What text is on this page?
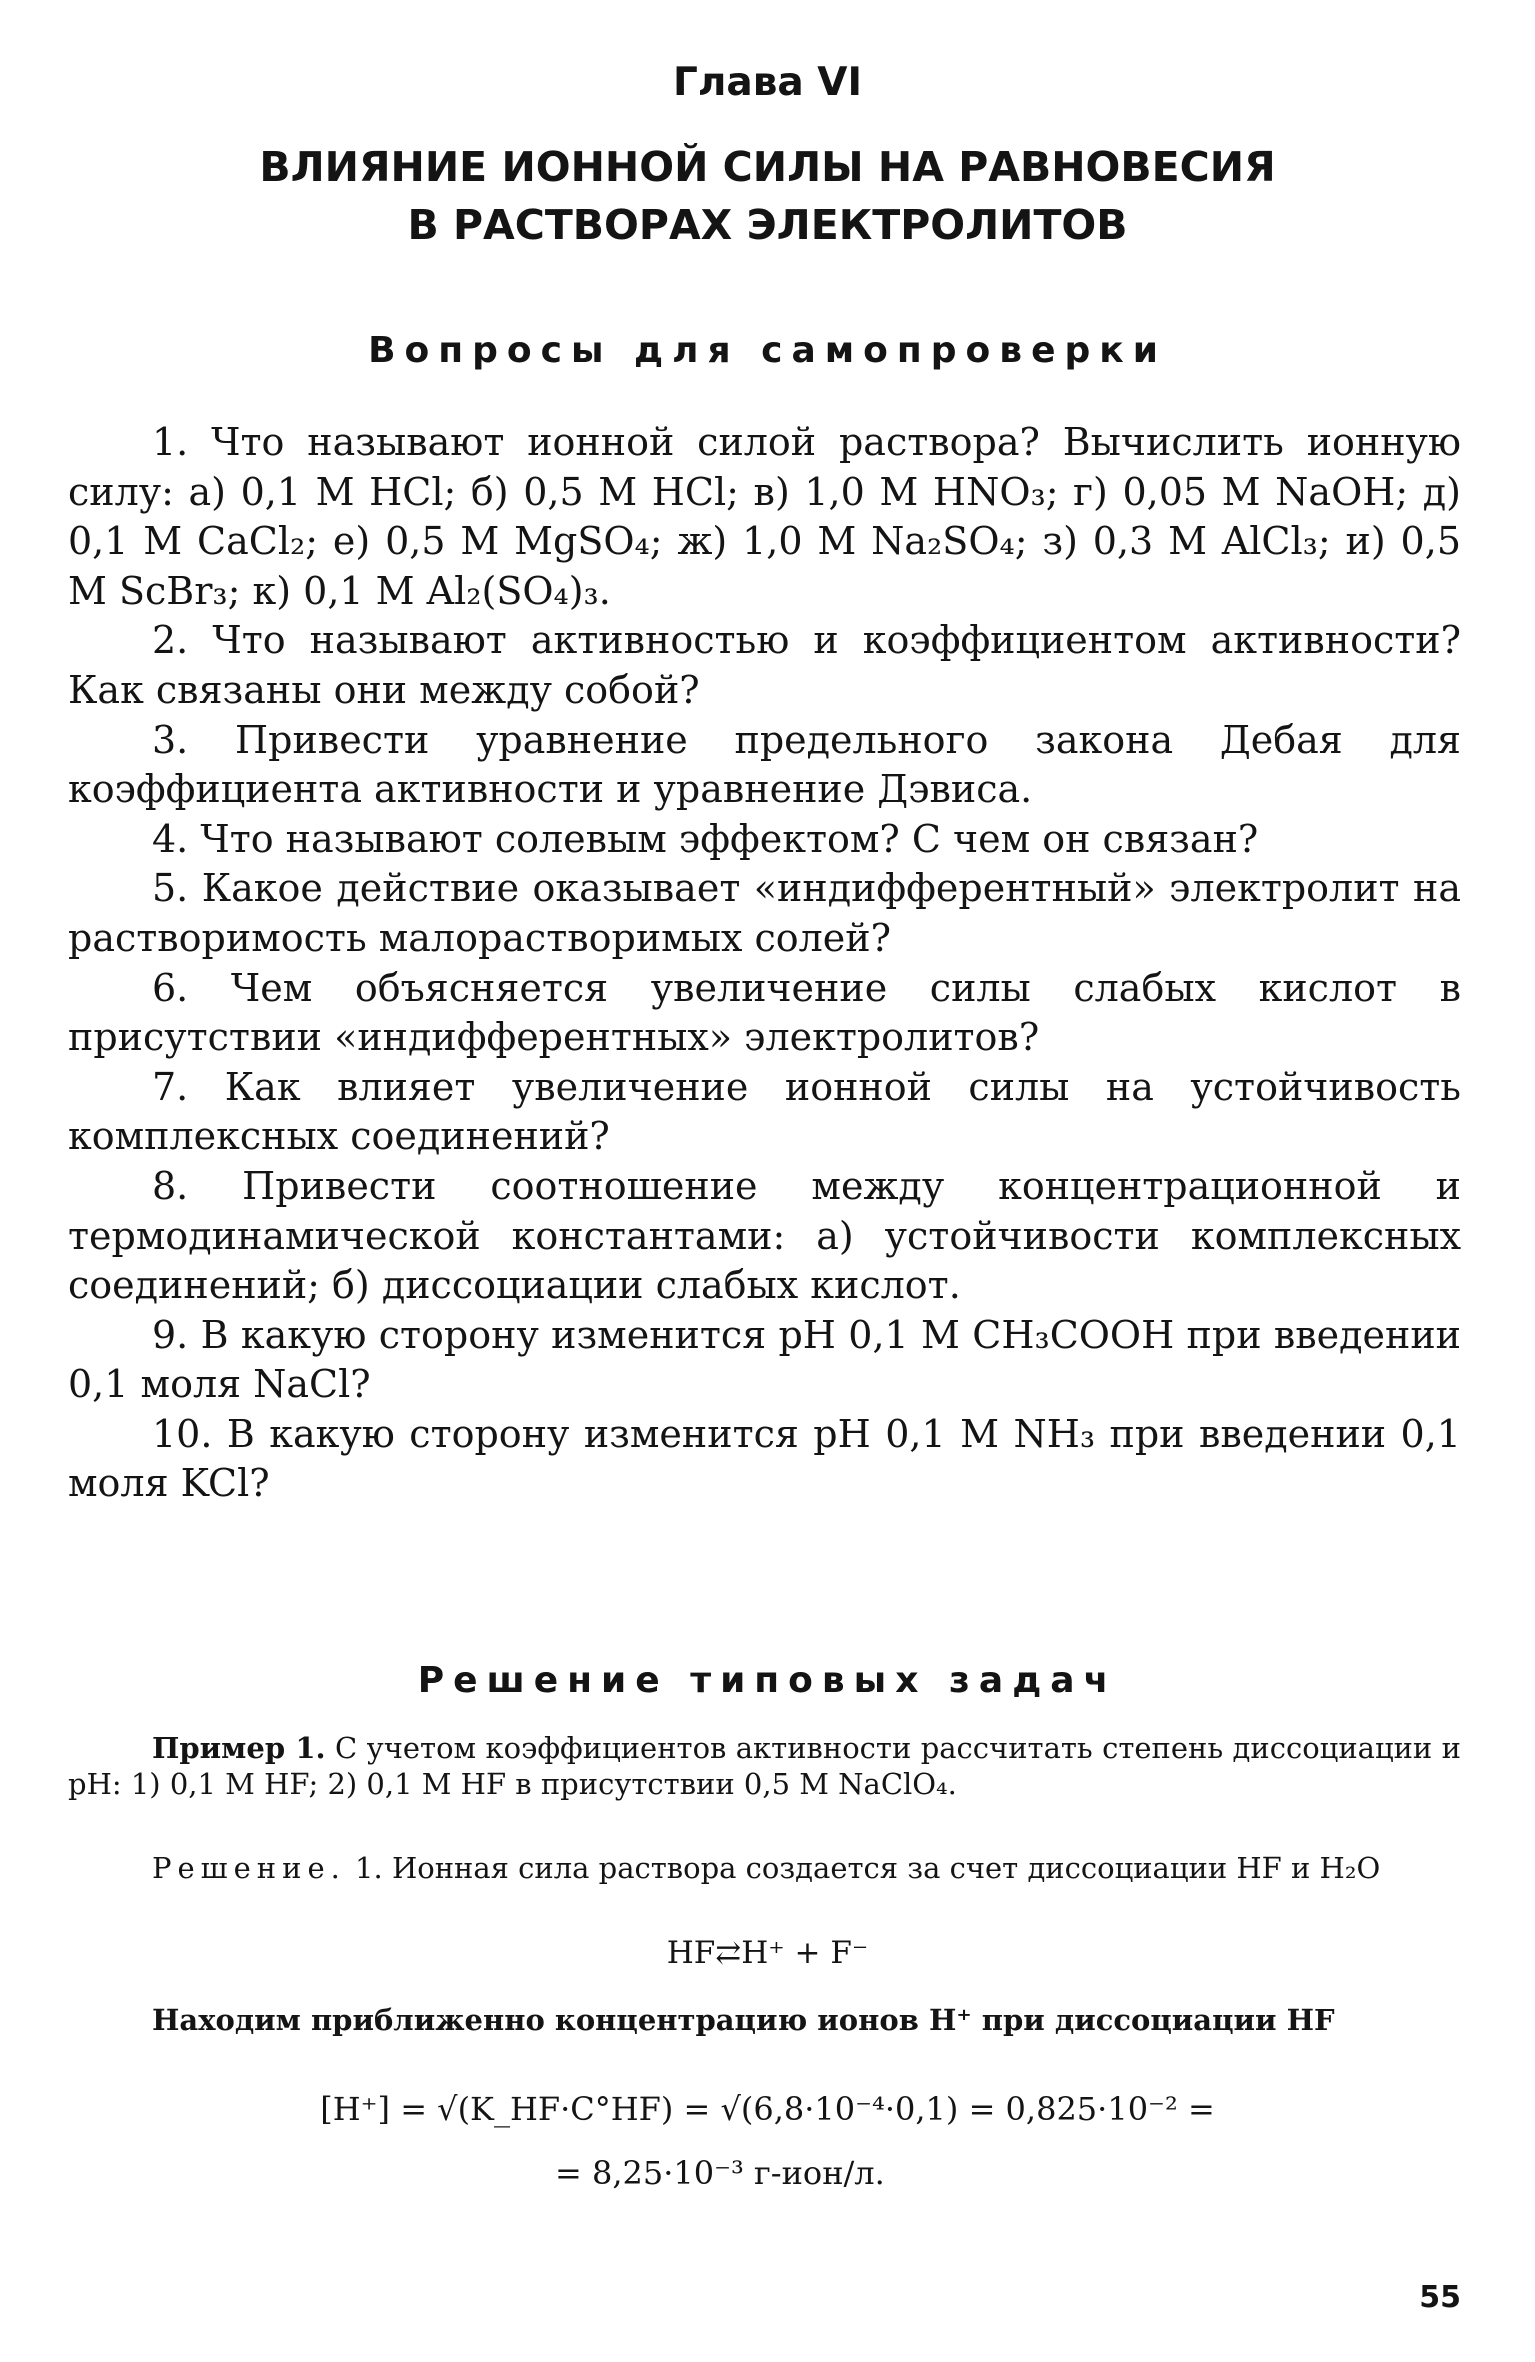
Глава VI
ВЛИЯНИЕ ИОННОЙ СИЛЫ НА РАВНОВЕСИЯ
В РАСТВОРАХ ЭЛЕКТРОЛИТОВ
Вопросы для самопроверки

1. Что называют ионной силой раствора? Вычислить ионную силу: а) 0,1 М HCl; б) 0,5 М HCl; в) 1,0 М HNO₃; г) 0,05 М NaOH; д) 0,1 М CaCl₂; е) 0,5 М MgSO₄; ж) 1,0 М Na₂SO₄; з) 0,3 М AlCl₃; и) 0,5 М ScBr₃; к) 0,1 М Al₂(SO₄)₃.

2. Что называют активностью и коэффициентом активности? Как связаны они между собой?

3. Привести уравнение предельного закона Дебая для коэффициента активности и уравнение Дэвиса.

4. Что называют солевым эффектом? С чем он связан?

5. Какое действие оказывает «индифферентный» электролит на растворимость малорастворимых солей?

6. Чем объясняется увеличение силы слабых кислот в присутствии «индифферентных» электролитов?

7. Как влияет увеличение ионной силы на устойчивость комплексных соединений?

8. Привести соотношение между концентрационной и термодинамической константами: а) устойчивости комплексных соединений; б) диссоциации слабых кислот.

9. В какую сторону изменится pH 0,1 М CH₃COOH при введении 0,1 моля NaCl?

10. В какую сторону изменится pH 0,1 М NH₃ при введении 0,1 моля KCl?

Решение типовых задач
Пример 1. С учетом коэффициентов активности рассчитать степень диссоциации и pH: 1) 0,1 М HF; 2) 0,1 М HF в присутствии 0,5 М NaClO₄.
Решение. 1. Ионная сила раствора создается за счет диссоциации HF и H₂O
HF⇄H⁺ + F⁻
Находим приближенно концентрацию ионов H⁺ при диссоциации HF
[H⁺] = √(K_HF·C°HF) = √(6,8·10⁻⁴·0,1) = 0,825·10⁻² =
= 8,25·10⁻³ г-ион/л.
55
